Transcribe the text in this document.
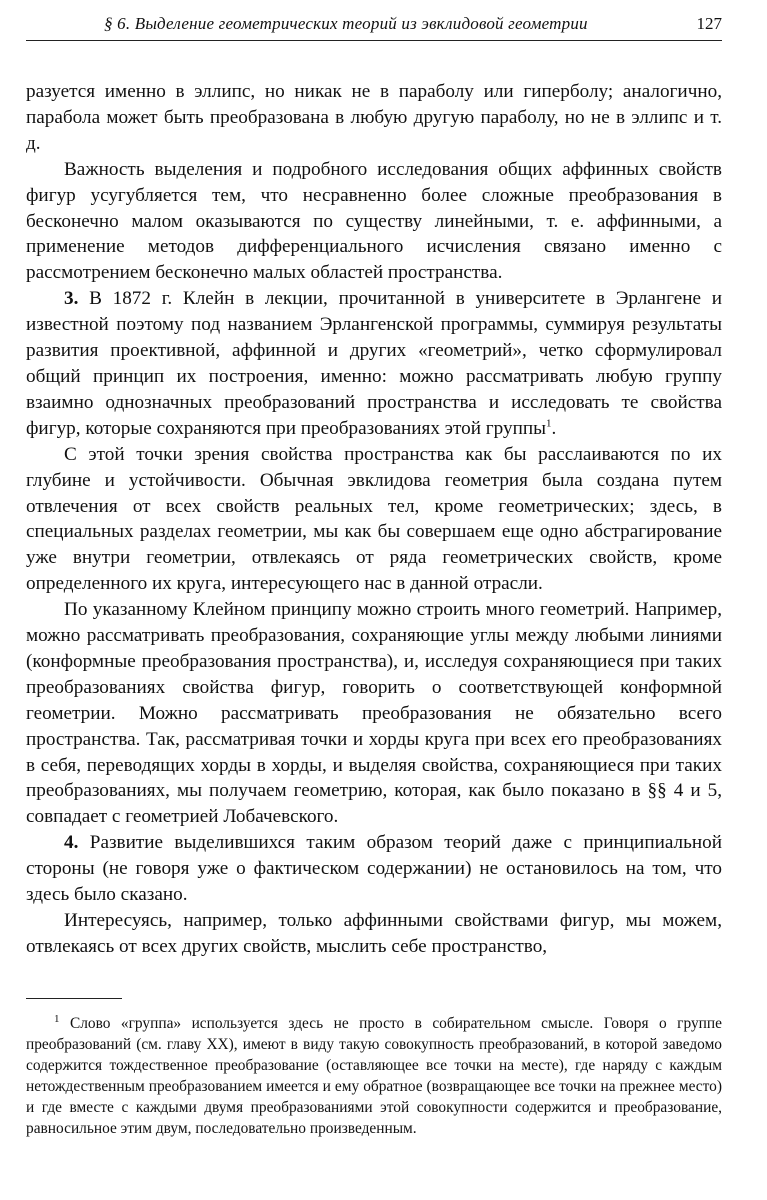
§ 6. Выделение геометрических теорий из эвклидовой геометрии	127

разуется именно в эллипс, но никак не в параболу или гиперболу; аналогично, парабола может быть преобразована в любую другую параболу, но не в эллипс и т. д.

Важность выделения и подробного исследования общих аффинных свойств фигур усугубляется тем, что несравненно более сложные преобразования в бесконечно малом оказываются по существу линейными, т. е. аффинными, а применение методов дифференциального исчисления связано именно с рассмотрением бесконечно малых областей пространства.

3. В 1872 г. Клейн в лекции, прочитанной в университете в Эрлангене и известной поэтому под названием Эрлангенской программы, суммируя результаты развития проективной, аффинной и других «геометрий», четко сформулировал общий принцип их построения, именно: можно рассматривать любую группу взаимно однозначных преобразований пространства и исследовать те свойства фигур, которые сохраняются при преобразованиях этой группы$^1$.

С этой точки зрения свойства пространства как бы расслаиваются по их глубине и устойчивости. Обычная эвклидова геометрия была создана путем отвлечения от всех свойств реальных тел, кроме геометрических; здесь, в специальных разделах геометрии, мы как бы совершаем еще одно абстрагирование уже внутри геометрии, отвлекаясь от ряда геометрических свойств, кроме определенного их круга, интересующего нас в данной отрасли.

По указанному Клейном принципу можно строить много геометрий. Например, можно рассматривать преобразования, сохраняющие углы между любыми линиями (конформные преобразования пространства), и, исследуя сохраняющиеся при таких преобразованиях свойства фигур, говорить о соответствующей конформной геометрии. Можно рассматривать преобразования не обязательно всего пространства. Так, рассматривая точки и хорды круга при всех его преобразованиях в себя, переводящих хорды в хорды, и выделяя свойства, сохраняющиеся при таких преобразованиях, мы получаем геометрию, которая, как было показано в §§ 4 и 5, совпадает с геометрией Лобачевского.

4. Развитие выделившихся таким образом теорий даже с принципиальной стороны (не говоря уже о фактическом содержании) не остановилось на том, что здесь было сказано.

Интересуясь, например, только аффинными свойствами фигур, мы можем, отвлекаясь от всех других свойств, мыслить себе пространство,

$^1$ Слово «группа» используется здесь не просто в собирательном смысле. Говоря о группе преобразований (см. главу XX), имеют в виду такую совокупность преобразований, в которой заведомо содержится тождественное преобразование (оставляющее все точки на месте), где наряду с каждым нетождественным преобразованием имеется и ему обратное (возвращающее все точки на прежнее место) и где вместе с каждыми двумя преобразованиями этой совокупности содержится и преобразование, равносильное этим двум, последовательно произведенным.
